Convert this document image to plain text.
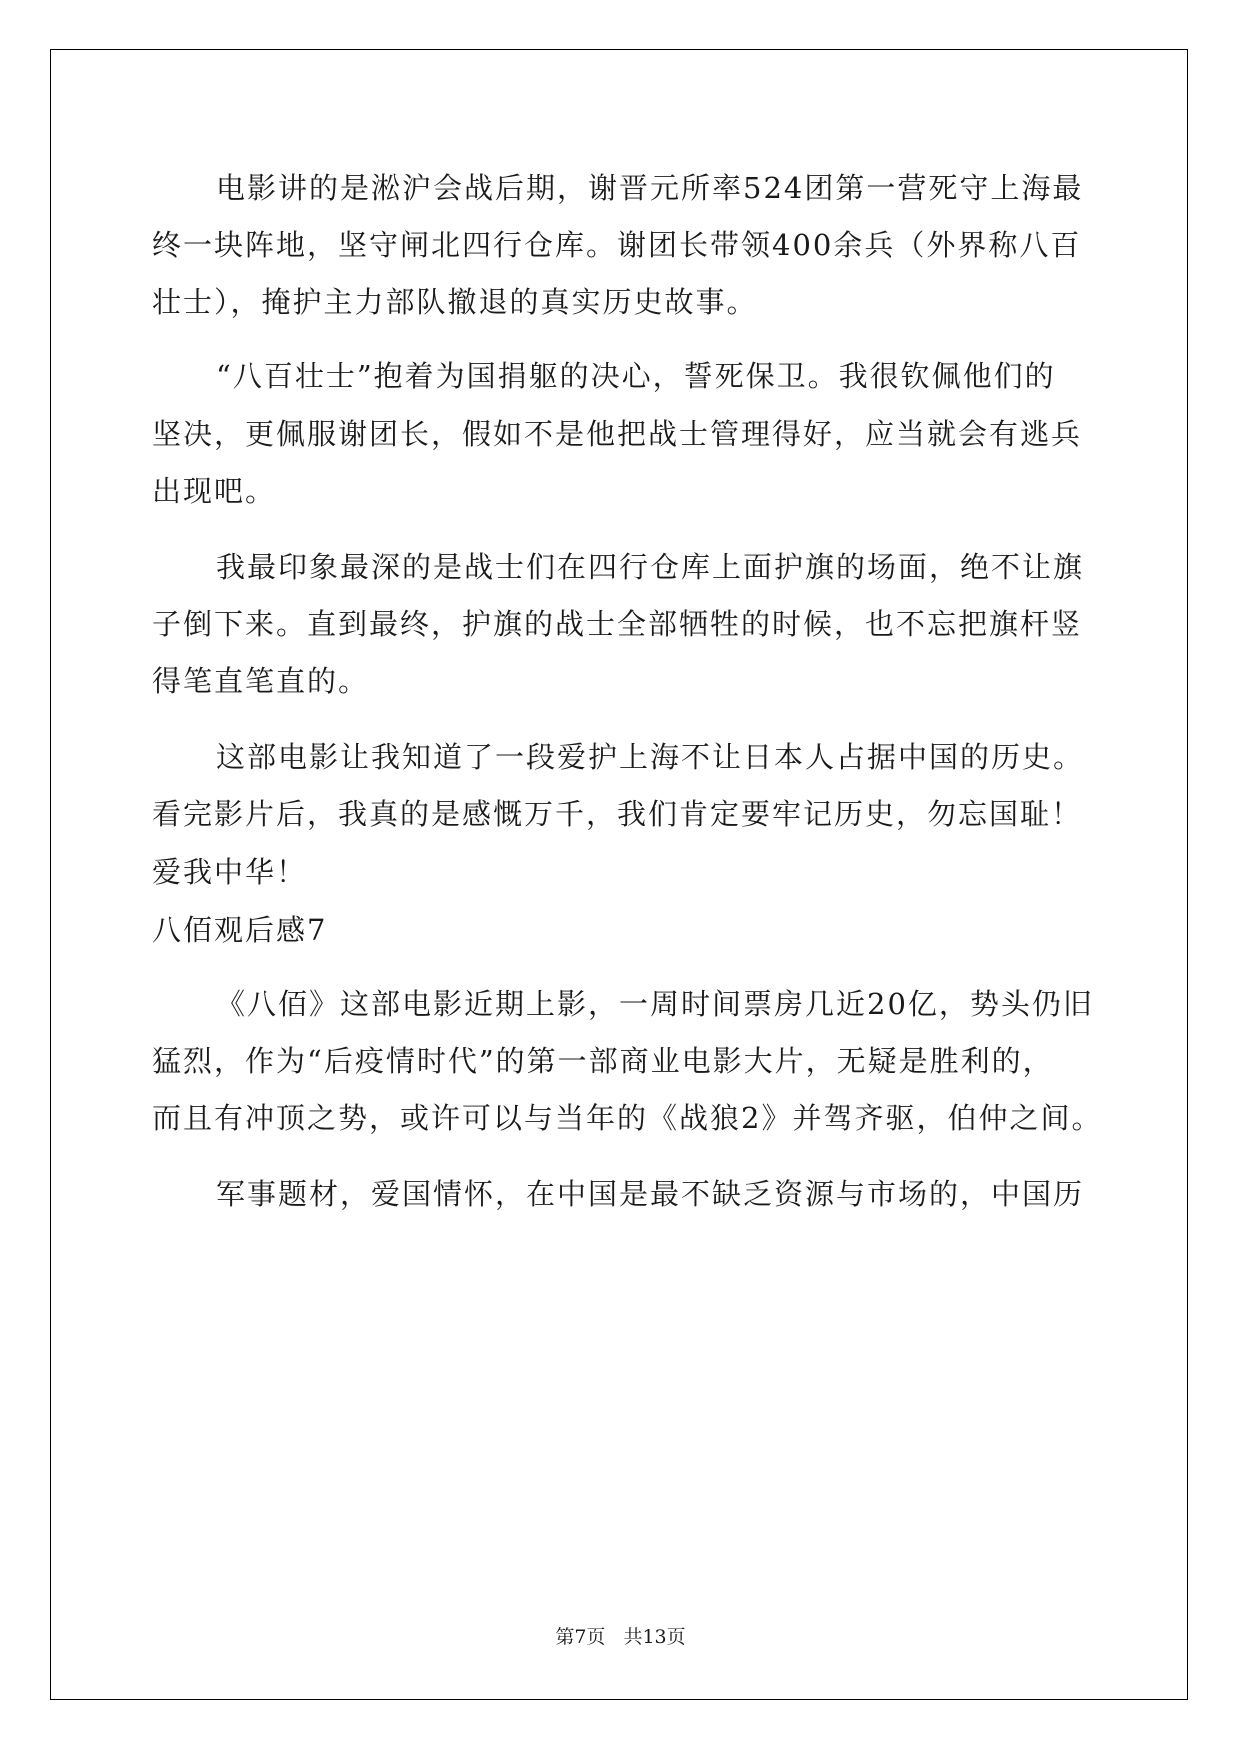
电影讲的是淞沪会战后期，谢晋元所率524团第一营死守上海最

终一块阵地，坚守闸北四行仓库。谢团长带领400余兵（外界称八百

壮士），掩护主力部队撤退的真实历史故事。

“八百壮士”抱着为国捐躯的决心，誓死保卫。我很钦佩他们的

坚决，更佩服谢团长，假如不是他把战士管理得好，应当就会有逃兵

出现吧。

我最印象最深的是战士们在四行仓库上面护旗的场面，绝不让旗

子倒下来。直到最终，护旗的战士全部牺牲的时候，也不忘把旗杆竖

得笔直笔直的。

这部电影让我知道了一段爱护上海不让日本人占据中国的历史。

看完影片后，我真的是感慨万千，我们肯定要牢记历史，勿忘国耻！

爱我中华！

八佰观后感7

《八佰》这部电影近期上影，一周时间票房几近20亿，势头仍旧

猛烈，作为“后疫情时代”的第一部商业电影大片，无疑是胜利的，

而且有冲顶之势，或许可以与当年的《战狼2》并驾齐驱，伯仲之间。

军事题材，爱国情怀，在中国是最不缺乏资源与市场的，中国历

第7页 共13页
